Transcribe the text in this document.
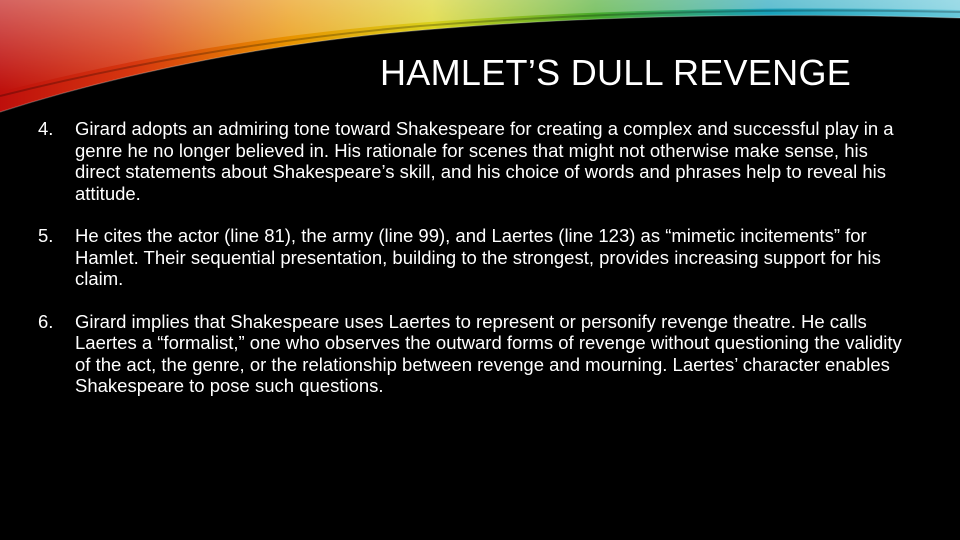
HAMLET’S DULL REVENGE
4. Girard adopts an admiring tone toward Shakespeare for creating a complex and successful play in a genre he no longer believed in. His rationale for scenes that might not otherwise make sense, his direct statements about Shakespeare’s skill, and his choice of words and phrases help to reveal his attitude.
5. He cites the actor (line 81), the army (line 99), and Laertes (line 123) as “mimetic incitements” for Hamlet. Their sequential presentation, building to the strongest, provides increasing support for his claim.
6. Girard implies that Shakespeare uses Laertes to represent or personify revenge theatre. He calls Laertes a “formalist,” one who observes the outward forms of revenge without questioning the validity of the act, the genre, or the relationship between revenge and mourning. Laertes’ character enables Shakespeare to pose such questions.
